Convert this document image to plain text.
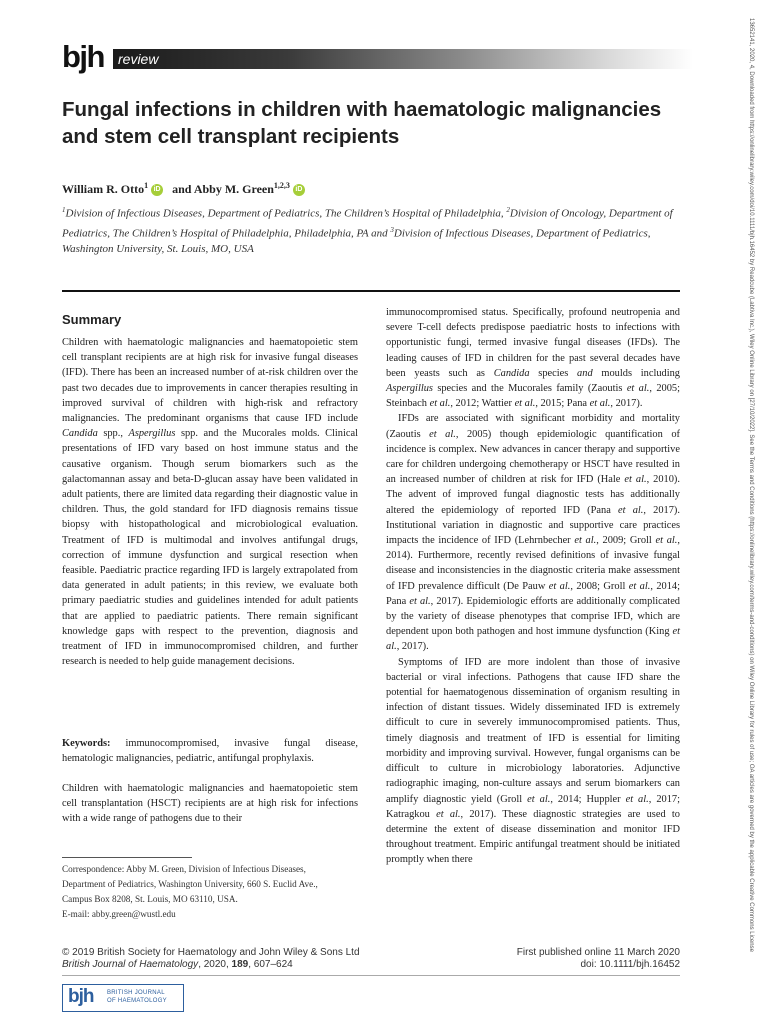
bjh review
Fungal infections in children with haematologic malignancies and stem cell transplant recipients
William R. Otto$^1$ iD and Abby M. Green$^{1,2,3}$ iD
$^1$Division of Infectious Diseases, Department of Pediatrics, The Children’s Hospital of Philadelphia, $^2$Division of Oncology, Department of Pediatrics, The Children’s Hospital of Philadelphia, Philadelphia, PA and $^3$Division of Infectious Diseases, Department of Pediatrics, Washington University, St. Louis, MO, USA
Summary
Children with haematologic malignancies and haematopoietic stem cell transplant recipients are at high risk for invasive fungal diseases (IFD). There has been an increased number of at-risk children over the past two decades due to improvements in cancer therapies resulting in improved survival of children with high-risk and refractory malignancies. The predominant organisms that cause IFD include Candida spp., Aspergillus spp. and the Mucorales molds. Clinical presentations of IFD vary based on host immune status and the causative organism. Though serum biomarkers such as the galactomannan assay and beta-D-glucan assay have been validated in adult patients, there are limited data regarding their diagnostic value in children. Thus, the gold standard for IFD diagnosis remains tissue biopsy with histopathological and microbiological evaluation. Treatment of IFD is multimodal and involves antifungal drugs, correction of immune dysfunction and surgical resection when feasible. Paediatric practice regarding IFD is largely extrapolated from data generated in adult patients; in this review, we evaluate both primary paediatric studies and guidelines intended for adult patients that are applied to paediatric patients. There remain significant knowledge gaps with respect to the prevention, diagnosis and treatment of IFD in immunocompromised children, and further research is needed to help guide management decisions.
Keywords: immunocompromised, invasive fungal disease, hematologic malignancies, pediatric, antifungal prophylaxis.
Children with haematologic malignancies and haematopoietic stem cell transplantation (HSCT) recipients are at high risk for infections with a wide range of pathogens due to their
Correspondence: Abby M. Green, Division of Infectious Diseases,
Department of Pediatrics, Washington University, 660 S. Euclid Ave.,
Campus Box 8208, St. Louis, MO 63110, USA.
E-mail: abby.green@wustl.edu

immunocompromised status. Specifically, profound neutropenia and severe T-cell defects predispose paediatric hosts to infections with opportunistic fungi, termed invasive fungal diseases (IFDs). The leading causes of IFD in children for the past several decades have been yeasts such as Candida species and moulds including Aspergillus species and the Mucorales family (Zaoutis et al., 2005; Steinbach et al., 2012; Wattier et al., 2015; Pana et al., 2017).

IFDs are associated with significant morbidity and mortality (Zaoutis et al., 2005) though epidemiologic quantification of incidence is complex. New advances in cancer therapy and supportive care for children undergoing chemotherapy or HSCT have resulted in an increased number of children at risk for IFD (Hale et al., 2010). The advent of improved fungal diagnostic tests has additionally altered the epidemiology of reported IFD (Pana et al., 2017). Institutional variation in diagnostic and supportive care practices impacts the incidence of IFD (Lehrnbecher et al., 2009; Groll et al., 2014). Furthermore, recently revised definitions of invasive fungal disease and inconsistencies in the diagnostic criteria make assessment of IFD prevalence difficult (De Pauw et al., 2008; Groll et al., 2014; Pana et al., 2017). Epidemiologic efforts are additionally complicated by the variety of disease phenotypes that comprise IFD, which are dependent upon both pathogen and host immune dysfunction (King et al., 2017).

Symptoms of IFD are more indolent than those of invasive bacterial or viral infections. Pathogens that cause IFD share the potential for haematogenous dissemination of organism resulting in infection of distant tissues. Widely disseminated IFD is extremely difficult to cure in severely immunocompromised patients. Thus, timely diagnosis and treatment of IFD is essential for limiting morbidity and improving survival. However, fungal organisms can be difficult to culture in microbiology laboratories. Adjunctive radiographic imaging, non-culture assays and serum biomarkers can amplify diagnostic yield (Groll et al., 2014; Huppler et al., 2017; Katragkou et al., 2017). These diagnostic strategies are used to determine the extent of disease dissemination and monitor IFD throughout treatment. Empiric antifungal treatment should be initiated promptly when there

© 2019 British Society for Haematology and John Wiley & Sons Ltd
British Journal of Haematology, 2020, 189, 607–624
First published online 11 March 2020
doi: 10.1111/bjh.16452
bjh BRITISH JOURNAL
OF HAEMATOLOGY
13652141, 2020, 4, Downloaded from https://onlinelibrary.wiley.com/doi/10.1111/bjh.16452 by Readcube (Labtiva Inc.), Wiley Online Library on [27/10/2022]. See the Terms and Conditions (https://onlinelibrary.wiley.com/terms-and-conditions) on Wiley Online Library for rules of use; OA articles are governed by the applicable Creative Commons License
